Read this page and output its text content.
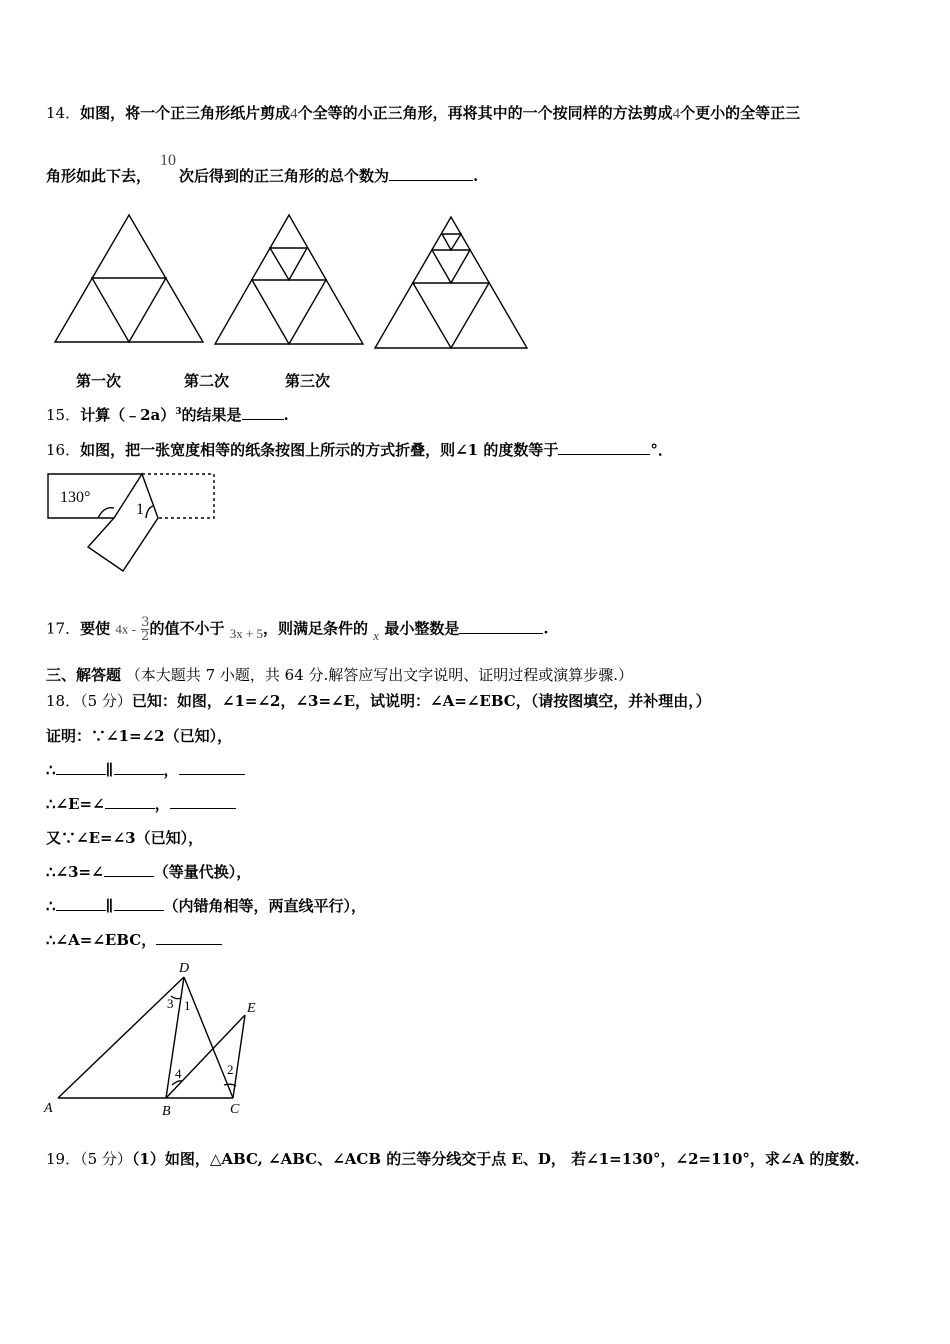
14．如图，将一个正三角形纸片剪成4个全等的小正三角形，再将其中的一个按同样的方法剪成4个更小的全等正三
10
角形如此下去， 次后得到的正三角形的总个数为	.
第一次	第二次	第三次
15．计算（﹣2a）$^3$的结果是	.
16．如图，把一张宽度相等的纸条按图上所示的方式折叠，则∠1 的度数等于	°．
130°
1
17．要使 $4x - \frac{3}{2}$ 的值不小于 3x + 5，则满足条件的 x 最小整数是	.
三、解答题 （本大题共 7 小题，共 64 分.解答应写出文字说明、证明过程或演算步骤.）
18．（5 分）已知：如图，∠1=∠2，∠3=∠E，试说明：∠A=∠EBC，（请按图填空，并补理由，）
证明：∵∠1=∠2（已知），
∴	∥	，
∴∠E=∠	，
又∵∠E=∠3（已知），
∴∠3=∠	（等量代换），
∴	∥	（内错角相等，两直线平行），
∴∠A=∠EBC，
D
E
A	B	C
1
2
3
4
19．（5 分）（1）如图，△ABC, ∠ABC、∠ACB 的三等分线交于点 E、D， 若∠1=130°，∠2=110°，求∠A 的度数.
